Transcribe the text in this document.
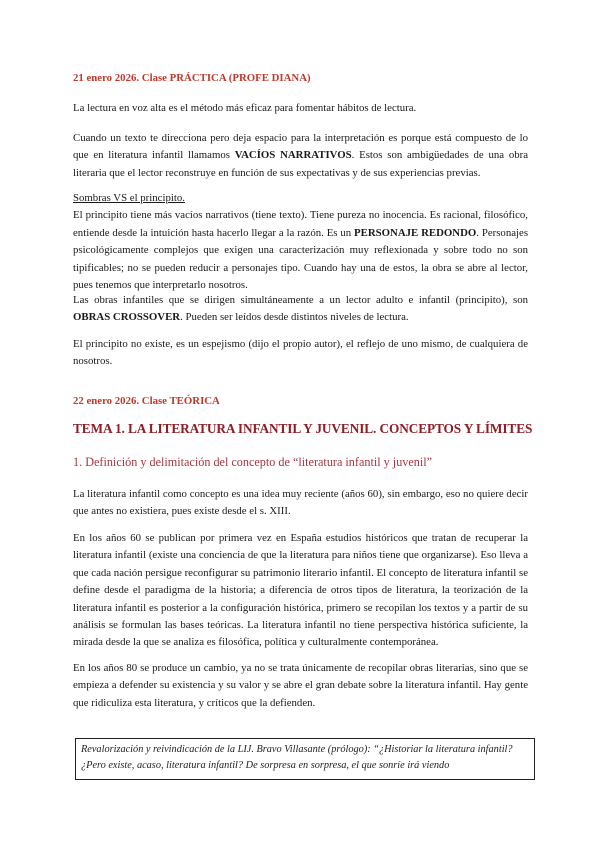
21 enero 2026. Clase PRÁCTICA (PROFE DIANA)

La lectura en voz alta es el método más eficaz para fomentar hábitos de lectura.

Cuando un texto te direcciona pero deja espacio para la interpretación es porque está compuesto de lo que en literatura infantil llamamos VACÍOS NARRATIVOS. Estos son ambigüedades de una obra literaria que el lector reconstruye en función de sus expectativas y de sus experiencias previas.

Sombras VS el principito.
El principito tiene más vacíos narrativos (tiene texto). Tiene pureza no inocencia. Es racional, filosófico, entiende desde la intuición hasta hacerlo llegar a la razón. Es un PERSONAJE REDONDO. Personajes psicológicamente complejos que exigen una caracterización muy reflexionada y sobre todo no son tipificables; no se pueden reducir a personajes tipo. Cuando hay una de estos, la obra se abre al lector, pues tenemos que interpretarlo nosotros.

Las obras infantiles que se dirigen simultáneamente a un lector adulto e infantil (principito), son OBRAS CROSSOVER. Pueden ser leídos desde distintos niveles de lectura.

El principito no existe, es un espejismo (dijo el propio autor), el reflejo de uno mismo, de cualquiera de nosotros.

22 enero 2026. Clase TEÓRICA

TEMA 1. LA LITERATURA INFANTIL Y JUVENIL. CONCEPTOS Y LÍMITES

1. Definición y delimitación del concepto de “literatura infantil y juvenil”

La literatura infantil como concepto es una idea muy reciente (años 60), sin embargo, eso no quiere decir que antes no existiera, pues existe desde el s. XIII.

En los años 60 se publican por primera vez en España estudios históricos que tratan de recuperar la literatura infantil (existe una conciencia de que la literatura para niños tiene que organizarse). Eso lleva a que cada nación persigue reconfigurar su patrimonio literario infantil. El concepto de literatura infantil se define desde el paradigma de la historia; a diferencia de otros tipos de literatura, la teorización de la literatura infantil es posterior a la configuración histórica, primero se recopilan los textos y a partir de su análisis se formulan las bases teóricas. La literatura infantil no tiene perspectiva histórica suficiente, la mirada desde la que se analiza es filosófica, política y culturalmente contemporánea.

En los años 80 se produce un cambio, ya no se trata únicamente de recopilar obras literarias, sino que se empieza a defender su existencia y su valor y se abre el gran debate sobre la literatura infantil. Hay gente que ridiculiza esta literatura, y críticos que la defienden.

Revalorización y reivindicación de la LIJ. Bravo Villasante (prólogo): “¿Historiar la literatura infantil? ¿Pero existe, acaso, literatura infantil? De sorpresa en sorpresa, el que sonríe irá viendo
